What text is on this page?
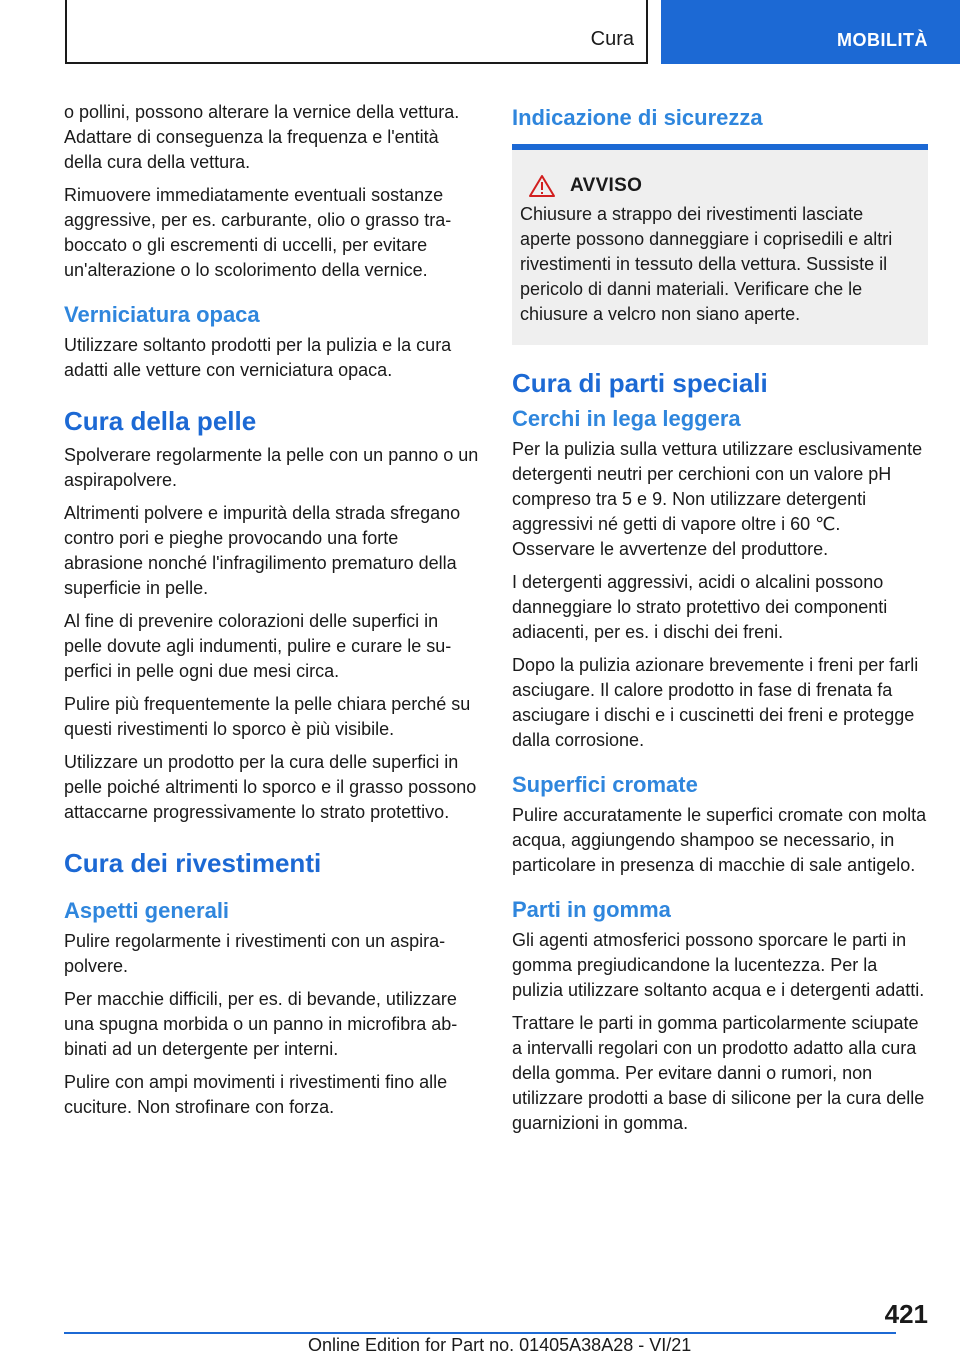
Cura	MOBILITÀ

o pollini, possono alterare la vernice della vettura. Adattare di conseguenza la frequenza e l'entità della cura della vettura.

Rimuovere immediatamente eventuali sostanze aggressive, per es. carburante, olio o grasso traboccato o gli escrementi di uccelli, per evitare un'alterazione o lo scolorimento della vernice.

Verniciatura opaca

Utilizzare soltanto prodotti per la pulizia e la cura adatti alle vetture con verniciatura opaca.

Cura della pelle

Spolverare regolarmente la pelle con un panno o un aspirapolvere.

Altrimenti polvere e impurità della strada sfregano contro pori e pieghe provocando una forte abrasione nonché l'infragilimento prematuro della superficie in pelle.

Al fine di prevenire colorazioni delle superfici in pelle dovute agli indumenti, pulire e curare le superfici in pelle ogni due mesi circa.

Pulire più frequentemente la pelle chiara perché su questi rivestimenti lo sporco è più visibile.

Utilizzare un prodotto per la cura delle superfici in pelle poiché altrimenti lo sporco e il grasso possono attaccarne progressivamente lo strato protettivo.

Cura dei rivestimenti
Aspetti generali

Pulire regolarmente i rivestimenti con un aspirapolvere.

Per macchie difficili, per es. di bevande, utilizzare una spugna morbida o un panno in microfibra abbinati ad un detergente per interni.

Pulire con ampi movimenti i rivestimenti fino alle cuciture. Non strofinare con forza.

Indicazione di sicurezza
AVVISO

Chiusure a strappo dei rivestimenti lasciate aperte possono danneggiare i coprisedili e altri rivestimenti in tessuto della vettura. Sussiste il pericolo di danni materiali. Verificare che le chiusure a velcro non siano aperte.

Cura di parti speciali
Cerchi in lega leggera

Per la pulizia sulla vettura utilizzare esclusivamente detergenti neutri per cerchioni con un valore pH compreso tra 5 e 9. Non utilizzare detergenti aggressivi né getti di vapore oltre i 60 ℃. Osservare le avvertenze del produttore.

I detergenti aggressivi, acidi o alcalini possono danneggiare lo strato protettivo dei componenti adiacenti, per es. i dischi dei freni.

Dopo la pulizia azionare brevemente i freni per farli asciugare. Il calore prodotto in fase di frenata fa asciugare i dischi e i cuscinetti dei freni e protegge dalla corrosione.

Superfici cromate

Pulire accuratamente le superfici cromate con molta acqua, aggiungendo shampoo se necessario, in particolare in presenza di macchie di sale antigelo.

Parti in gomma

Gli agenti atmosferici possono sporcare le parti in gomma pregiudicandone la lucentezza. Per la pulizia utilizzare soltanto acqua e i detergenti adatti.

Trattare le parti in gomma particolarmente sciupate a intervalli regolari con un prodotto adatto alla cura della gomma. Per evitare danni o rumori, non utilizzare prodotti a base di silicone per la cura delle guarnizioni in gomma.

421
Online Edition for Part no. 01405A38A28 - VI/21
